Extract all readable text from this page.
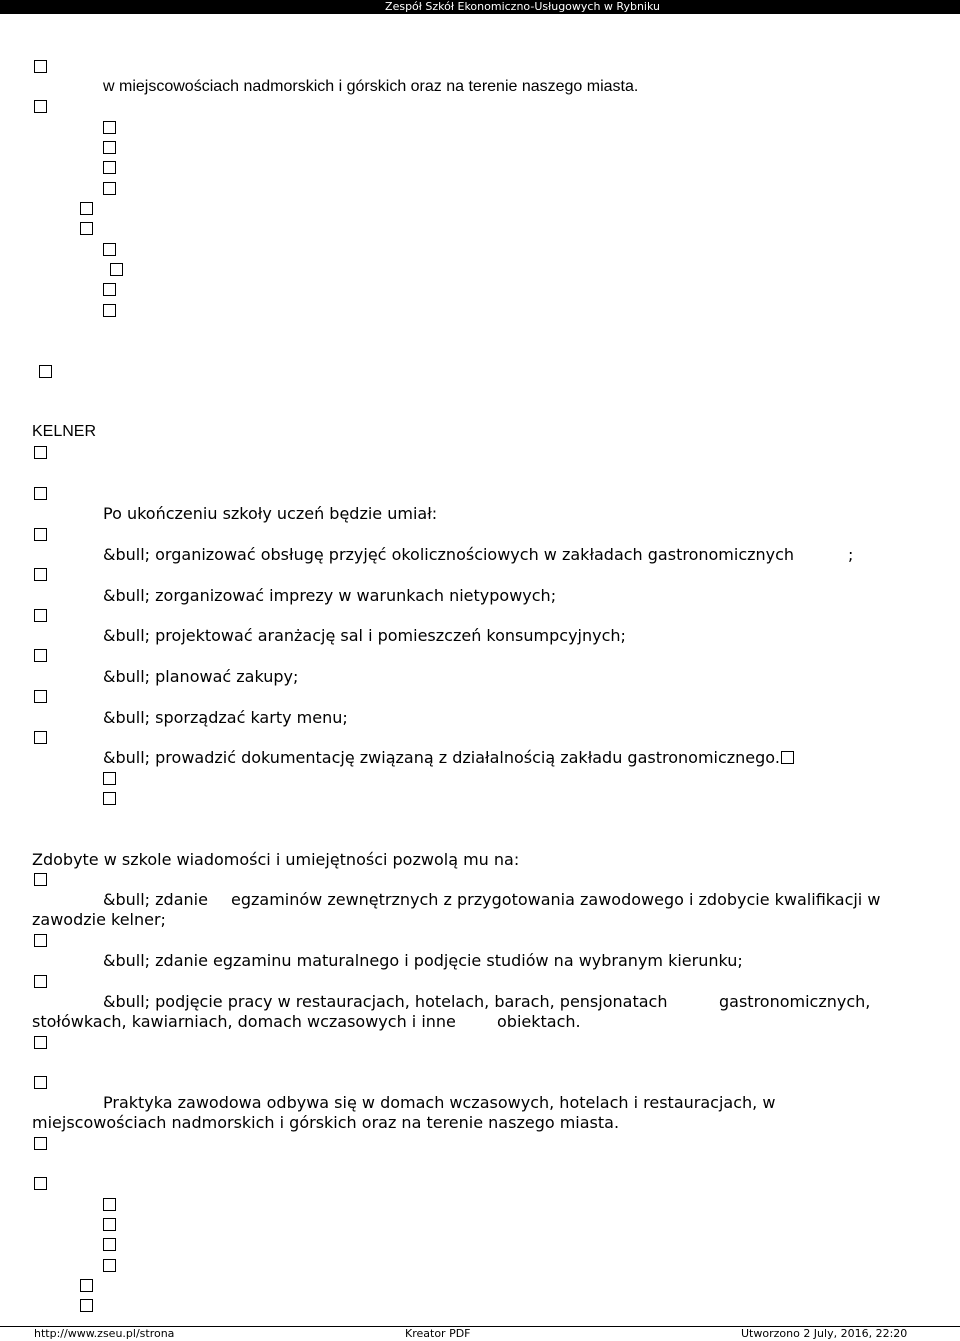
Zespół Szkół Ekonomiczno-Usługowych w Rybniku
w miejscowościach nadmorskich i górskich oraz na terenie naszego miasta.
KELNER
Po ukończeniu szkoły uczeń będzie umiał:
&bull; organizować obsługę przyjęć okolicznościowych w zakładach gastronomicznych	;
&bull; zorganizować imprezy w warunkach nietypowych;
&bull; projektować aranżację sal i pomieszczeń konsumpcyjnych;
&bull; planować zakupy;
&bull; sporządzać karty menu;
&bull; prowadzić dokumentację związaną z działalnością zakładu gastronomicznego.
Zdobyte w szkole wiadomości i umiejętności pozwolą mu na:
&bull; zdanie egzaminów zewnętrznych z przygotowania zawodowego i zdobycie kwalifikacji w
zawodzie kelner;
&bull; zdanie egzaminu maturalnego i podjęcie studiów na wybranym kierunku;
&bull; podjęcie pracy w restauracjach, hotelach, barach, pensjonatach	gastronomicznych,
stołówkach, kawiarniach, domach wczasowych i inne	obiektach.
Praktyka zawodowa odbywa się w domach wczasowych, hotelach i restauracjach, w
miejscowościach nadmorskich i górskich oraz na terenie naszego miasta.
http://www.zseu.pl/strona	Kreator PDF	Utworzono 2 July, 2016, 22:20
